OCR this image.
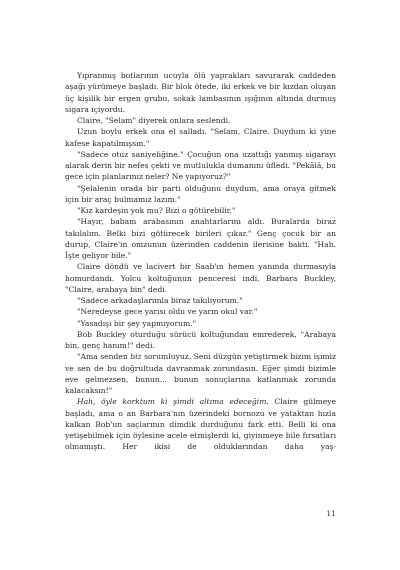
Yıpranmış botlarının ucuyla ölü yaprakları savurarak caddeden aşağı yürümeye başladı. Bir blok ötede, iki erkek ve bir kızdan oluşan üç kişilik bir ergen grubu, sokak lambasının ışığının altında durmuş sigara içiyordu.

Claire, "Selam" diyerek onlara seslendi.

Uzun boylu erkek ona el salladı. "Selam, Claire. Duydum ki yine kafese kapatılmışsın."

"Sadece otuz saniyeliğine." Çocuğun ona uzattığı yanmış sigarayı alarak derin bir nefes çekti ve mutlulukla dumanını üfledi. "Pekâlâ, bu gece için planlarınız neler? Ne yapıyoruz?"

"Şelalenin orada bir parti olduğunu duydum, ama oraya gitmek için bir araç bulmamız lazım."

"Kız kardeşin yok mu? Bizi o götürebilir."

"Hayır, babam arabasının anahtarlarını aldı. Buralarda biraz takılalım. Belki bizi götürecek birileri çıkar." Genç çocuk bir an durup, Claire'in omzunun üzerinden caddenin ilerisine baktı. "Hah. İşte geliyor bile."

Claire döndü ve lacivert bir Saab'ın hemen yanında durmasıyla homurdandı. Yolcu koltuğunun penceresi indi, Barbara Buckley, "Claire, arabaya bin" dedi.

"Sadece arkadaşlarımla biraz takılıyorum."

"Neredeyse gece yarısı oldu ve yarın okul var."

"Yasadışı bir şey yapmıyorum."

Bob Buckley oturduğu sürücü koltuğundan emrederek, "Arabaya bin, genç hanım!" dedi.

"Ama senden biz sorumluyuz. Seni düzgün yetiştirmek bizim işimiz ve sen de bu doğrultuda davranmak zorundasın. Eğer şimdi bizimle eve gelmezsen, bunun... bunun sonuçlarına katlanmak zorunda kalacaksın!"

Hah, öyle korktum ki şimdi altıma edeceğim. Claire gülmeye başladı, ama o an Barbara'nın üzerindeki bornozu ve yataktan hızla kalkan Bob'un saçlarının dimdik durduğunu fark etti. Belli ki ona yetişebilmek için öylesine acele etmişlerdi ki, giyinmeye bile fırsatları olmamıştı. Her ikisi de olduklarından daha yaş-

11
